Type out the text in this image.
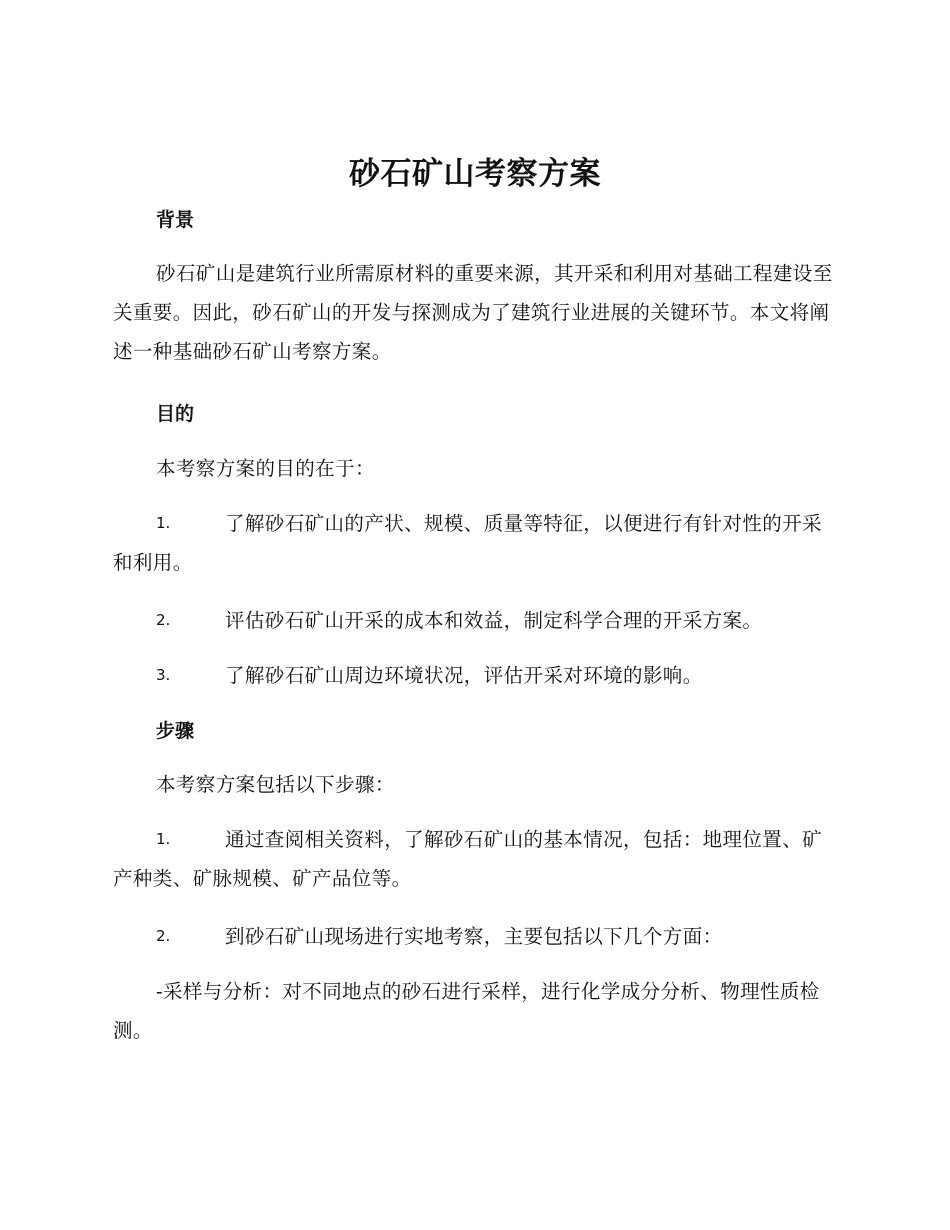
砂石矿山考察方案
背景
砂石矿山是建筑行业所需原材料的重要来源，其开采和利用对基础工程建设至关重要。因此，砂石矿山的开发与探测成为了建筑行业进展的关键环节。本文将阐述一种基础砂石矿山考察方案。
目的
本考察方案的目的在于：
1.	了解砂石矿山的产状、规模、质量等特征，以便进行有针对性的开采和利用。
2.	评估砂石矿山开采的成本和效益，制定科学合理的开采方案。
3.	了解砂石矿山周边环境状况，评估开采对环境的影响。
步骤
本考察方案包括以下步骤：
1.	通过查阅相关资料，了解砂石矿山的基本情况，包括：地理位置、矿产种类、矿脉规模、矿产品位等。
2.	到砂石矿山现场进行实地考察，主要包括以下几个方面：
-采样与分析：对不同地点的砂石进行采样，进行化学成分分析、物理性质检测。
